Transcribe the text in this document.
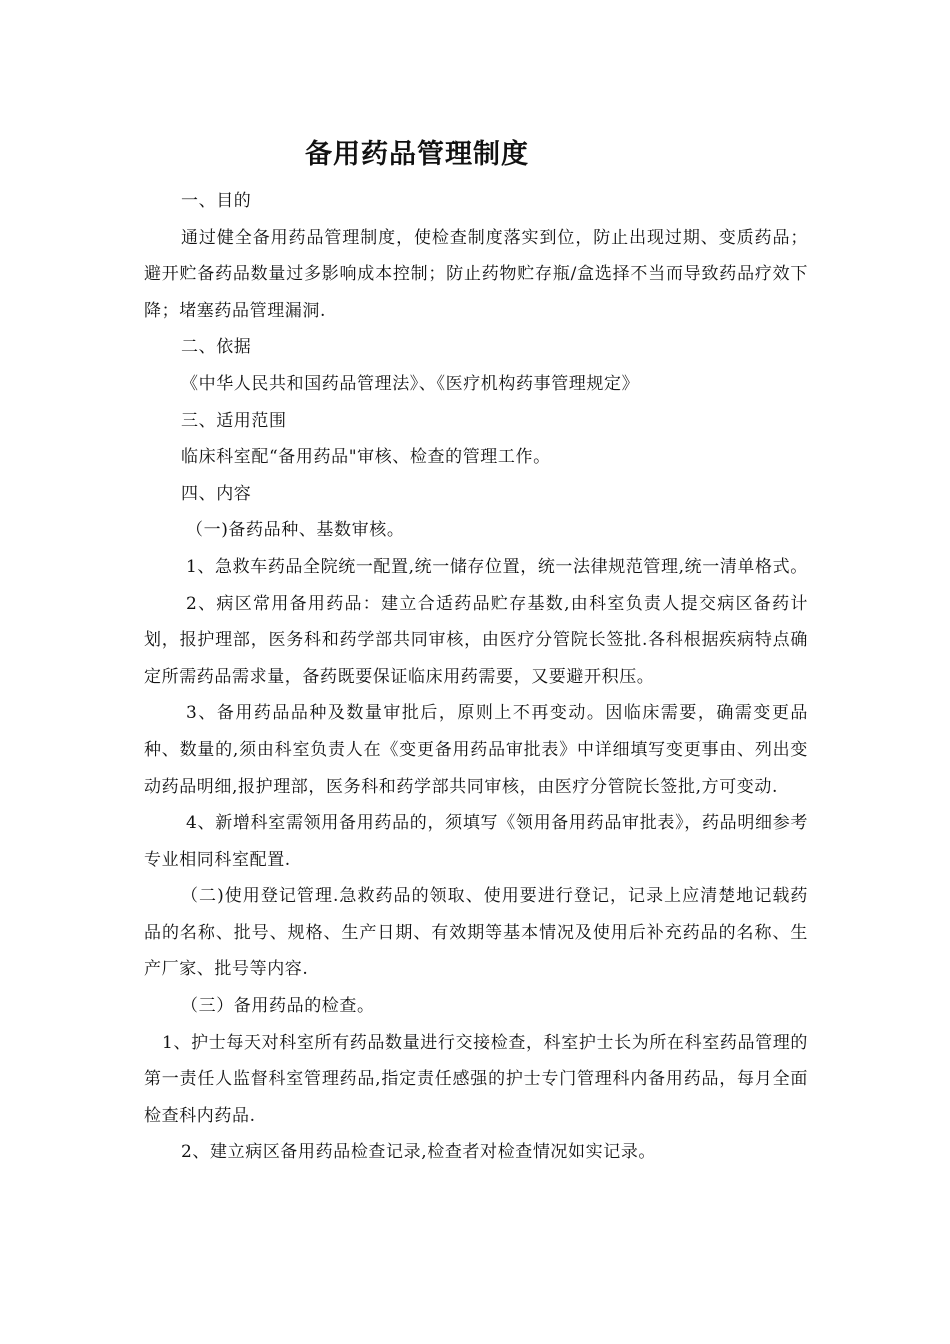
备用药品管理制度

一、目的

通过健全备用药品管理制度，使检查制度落实到位，防止出现过期、变质药品；避开贮备药品数量过多影响成本控制；防止药物贮存瓶/盒选择不当而导致药品疗效下降；堵塞药品管理漏洞.

二、依据

《中华人民共和国药品管理法》、《医疗机构药事管理规定》

三、适用范围

临床科室配“备用药品"审核、检查的管理工作。

四、内容

（一)备药品种、基数审核。

1、急救车药品全院统一配置,统一储存位置，统一法律规范管理,统一清单格式。

2、病区常用备用药品：建立合适药品贮存基数,由科室负责人提交病区备药计划，报护理部，医务科和药学部共同审核，由医疗分管院长签批.各科根据疾病特点确定所需药品需求量，备药既要保证临床用药需要，又要避开积压。

3、备用药品品种及数量审批后，原则上不再变动。因临床需要，确需变更品种、数量的,须由科室负责人在《变更备用药品审批表》中详细填写变更事由、列出变动药品明细,报护理部，医务科和药学部共同审核，由医疗分管院长签批,方可变动.

4、新增科室需领用备用药品的，须填写《领用备用药品审批表》，药品明细参考专业相同科室配置.

（二)使用登记管理.急救药品的领取、使用要进行登记，记录上应清楚地记载药品的名称、批号、规格、生产日期、有效期等基本情况及使用后补充药品的名称、生产厂家、批号等内容.

（三）备用药品的检查。

1、护士每天对科室所有药品数量进行交接检查，科室护士长为所在科室药品管理的第一责任人监督科室管理药品,指定责任感强的护士专门管理科内备用药品，每月全面检查科内药品.

2、建立病区备用药品检查记录,检查者对检查情况如实记录。
